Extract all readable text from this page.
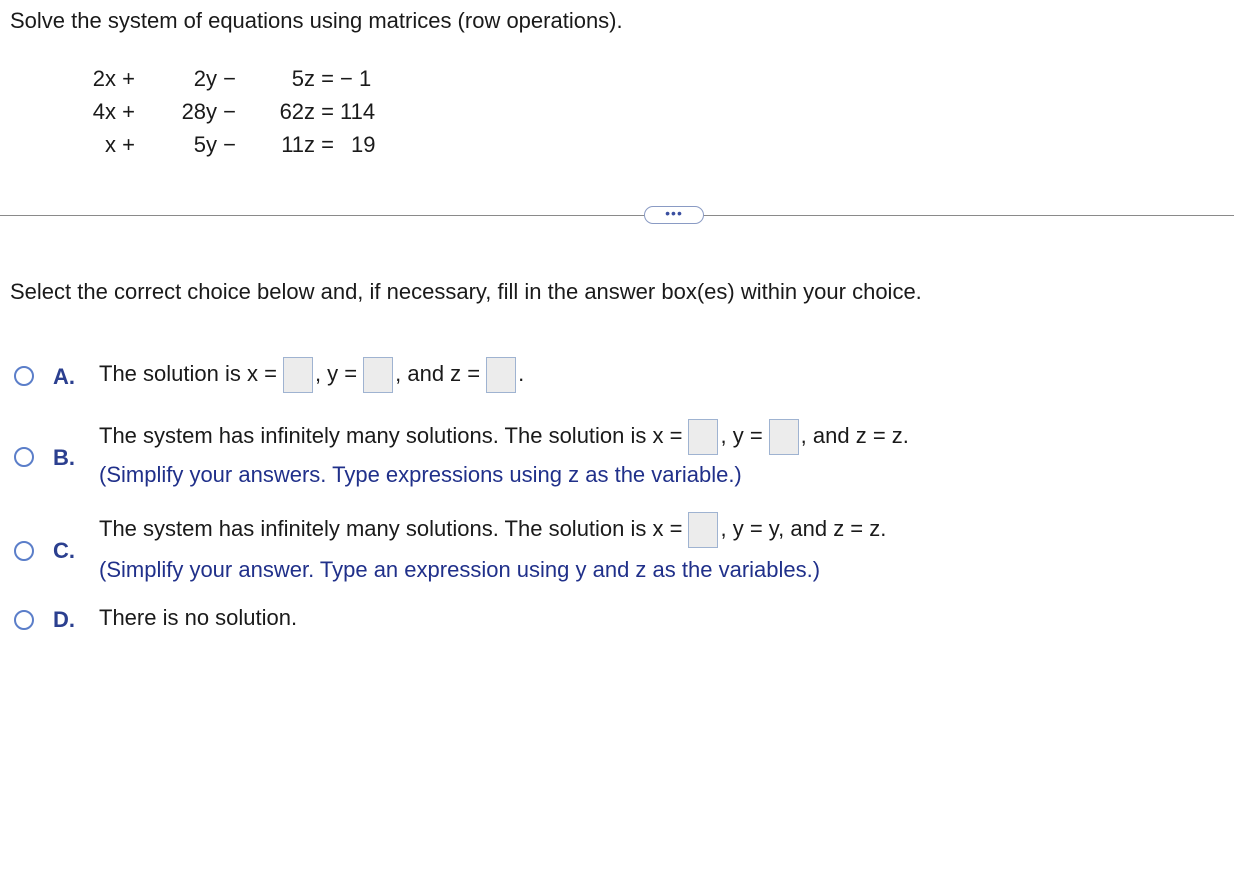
Solve the system of equations using matrices (row operations).
2x +	2y −	5z = − 1
4x +	28y −	62z = 114
x +	5y −	11z = 19
•••
Select the correct choice below and, if necessary, fill in the answer box(es) within your choice.
A. The solution is x = , y = , and z = .
B.
The system has infinitely many solutions. The solution is x = , y = , and z = z.
(Simplify your answers. Type expressions using z as the variable.)
C.
The system has infinitely many solutions. The solution is x = , y = y, and z = z.
(Simplify your answer. Type an expression using y and z as the variables.)
D. There is no solution.
